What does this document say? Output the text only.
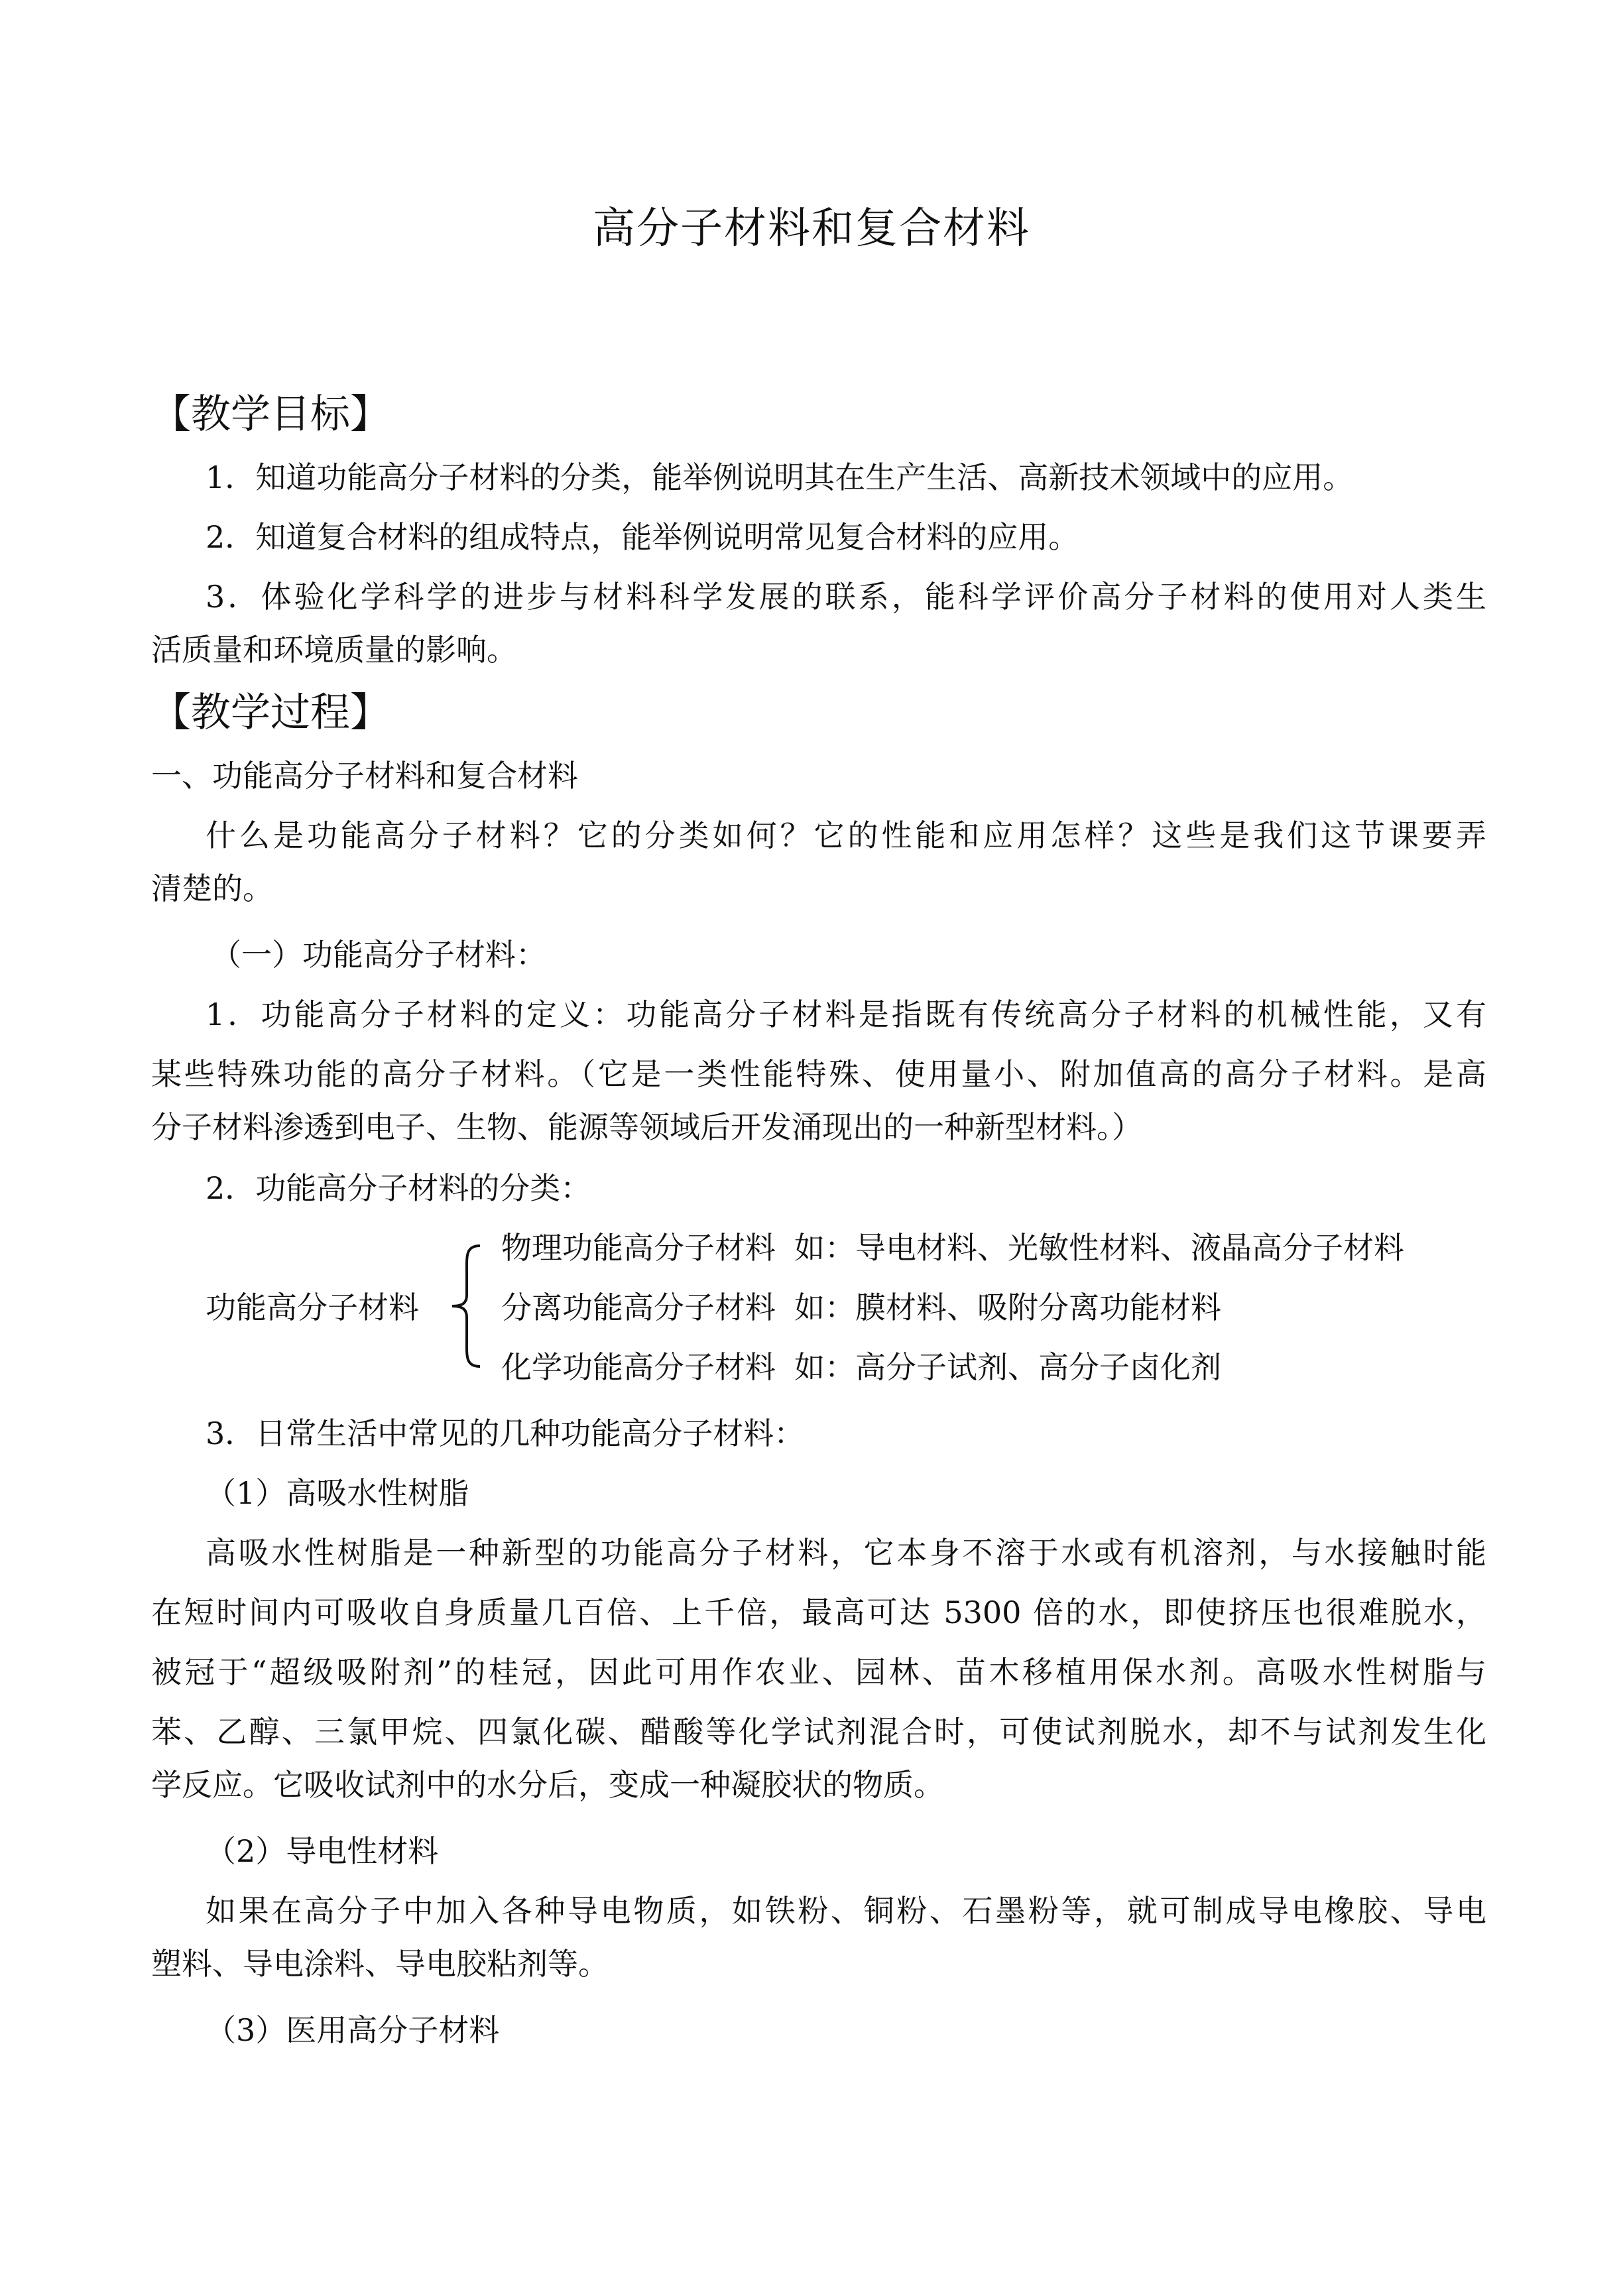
高分子材料和复合材料
【教学目标】
1．知道功能高分子材料的分类，能举例说明其在生产生活、高新技术领域中的应用。
2．知道复合材料的组成特点，能举例说明常见复合材料的应用。
3．体验化学科学的进步与材料科学发展的联系，能科学评价高分子材料的使用对人类生
活质量和环境质量的影响。
【教学过程】
一、功能高分子材料和复合材料
什么是功能高分子材料？它的分类如何？它的性能和应用怎样？这些是我们这节课要弄
清楚的。
（一）功能高分子材料：
1．功能高分子材料的定义：功能高分子材料是指既有传统高分子材料的机械性能，又有
某些特殊功能的高分子材料。（它是一类性能特殊、使用量小、附加值高的高分子材料。是高
分子材料渗透到电子、生物、能源等领域后开发涌现出的一种新型材料。）
2．功能高分子材料的分类：
功能高分子材料
物理功能高分子材料 如：导电材料、光敏性材料、液晶高分子材料
分离功能高分子材料 如：膜材料、吸附分离功能材料
化学功能高分子材料 如：高分子试剂、高分子卤化剂
3．日常生活中常见的几种功能高分子材料：
（1）高吸水性树脂
高吸水性树脂是一种新型的功能高分子材料，它本身不溶于水或有机溶剂，与水接触时能
在短时间内可吸收自身质量几百倍、上千倍，最高可达 5300 倍的水，即使挤压也很难脱水，
被冠于“超级吸附剂”的桂冠，因此可用作农业、园林、苗木移植用保水剂。高吸水性树脂与
苯、乙醇、三氯甲烷、四氯化碳、醋酸等化学试剂混合时，可使试剂脱水，却不与试剂发生化
学反应。它吸收试剂中的水分后，变成一种凝胶状的物质。
（2）导电性材料
如果在高分子中加入各种导电物质，如铁粉、铜粉、石墨粉等，就可制成导电橡胶、导电
塑料、导电涂料、导电胶粘剂等。
（3）医用高分子材料
